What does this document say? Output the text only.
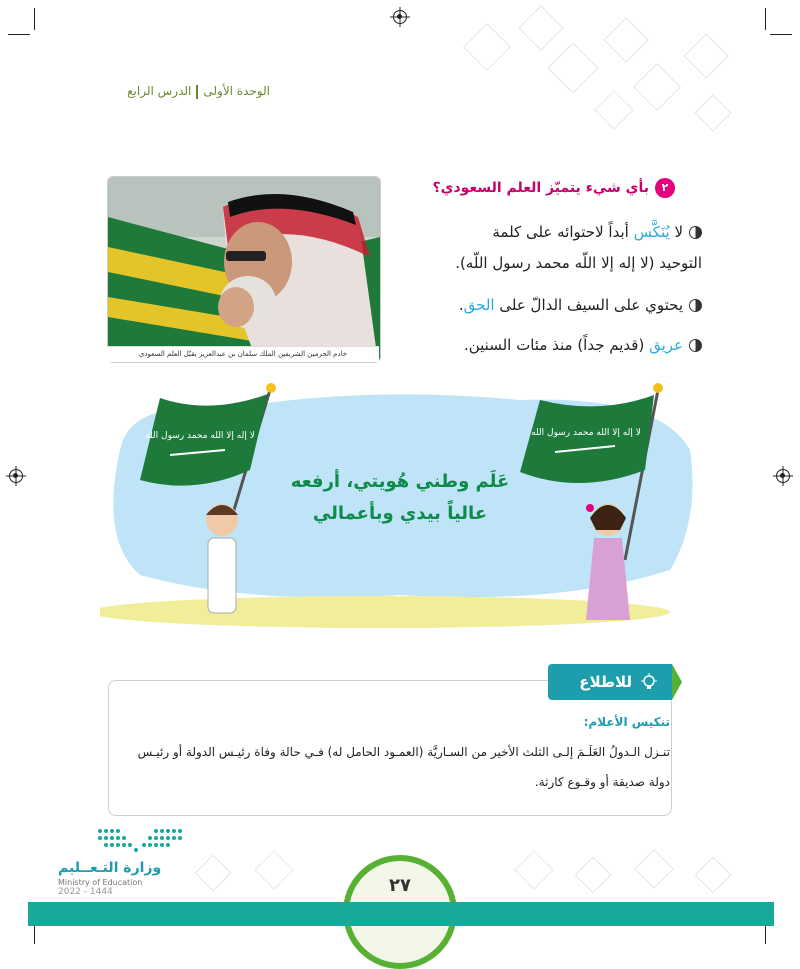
الوحدة الأولىالدرس الرابع
٢بأي شيء يتميّز العلم السعودي؟
لا يُنَكَّس أبداً لاحتوائه على كلمة
التوحيد (لا إله إلا اللّه محمد رسول اللّه).
يحتوي على السيف الدالّ على الحق.
عريق (قديم جداً) منذ مئات السنين.
خادم الحرمين الشريفين الملك سلمان بن عبدالعزيز يقبّل العلم السعودي
لا إله إلا الله محمد رسول الله	لا إله إلا الله محمد رسول الله
عَلَم وطني هُويتي، أرفعه
عالياً بيدي وبأعمالي
للاطلاع
تنكيس الأعلام:
تنـزل الـدولُ العَلَـمَ إلـى الثلث الأخير من السـاريَّة (العمـود الحامل له) فـي حالة وفاة رئيـس الدولة أو رئيـس دولة صديقة أو وقـوع كارثة.
وزارة التـعــليم
Ministry of Education
2022 - 1444	٢٧
